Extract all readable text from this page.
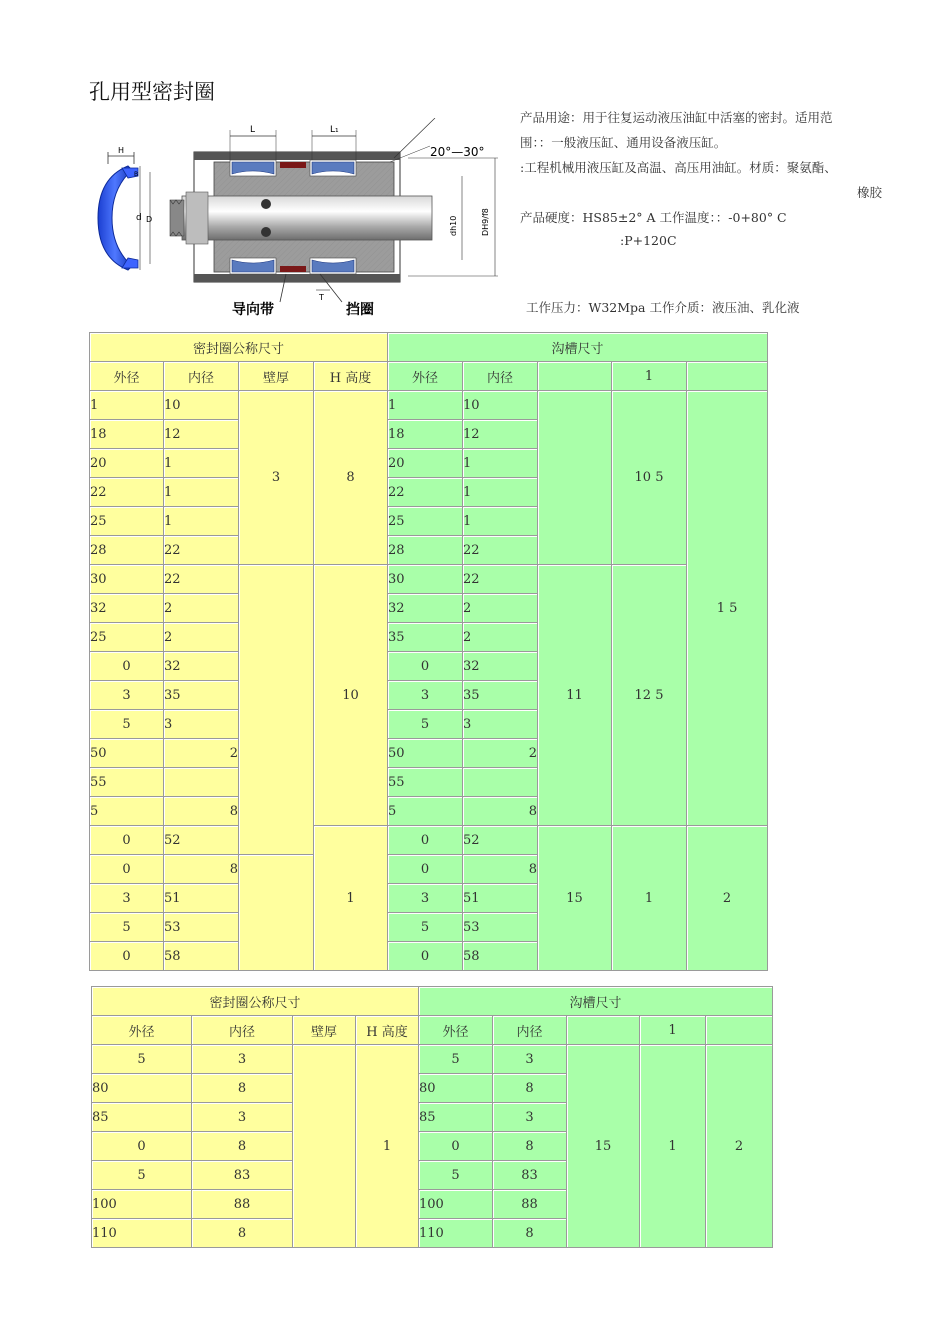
孔用型密封圈
产品用途：用于往复运动液压油缸中活塞的密封。适用范
围：：一般液压缸、通用设备液压缸。
:工程机械用液压缸及高温、高压用油缸。材质：聚氨酯、
橡胶
产品硬度：HS85±2° A 工作温度：：-0+80° C
:P+120C
工作压力：W32Mpa 工作介质：液压油、乳化液
H
d D
B
L	L₁
20°—30°
dh10	DH9/f8
T
导向带	挡圈
密封圈公称尺寸				沟槽尺寸				
外径	内径	壁厚	H 高度	外径	内径		1	
1	10	3	8	1	10		10 5	1 5
18	12			18	12			
20	1			20	1			
22	1			22	1			
25	1			25	1			
28	22			28	22			
30	22		10	30	22	11	12 5	
32	2			32	2			
25	2			35	2			
0	32			0	32			
3	35			3	35			
5	3			5	3			
50	2			50	2			
55				55				
5	8			5	8			
0	52		1	0	52	15	1	2
0	8			0	8			
3	51			3	51			
5	53			5	53			
0	58			0	58			
密封圈公称尺寸				沟槽尺寸				
外径	内径	壁厚	H 高度	外径	内径		1	
5	3		1	5	3	15	1	2
80	8			80	8			
85	3			85	3			
0	8			0	8			
5	83			5	83			
100	88			100	88			
110	8			110	8			
